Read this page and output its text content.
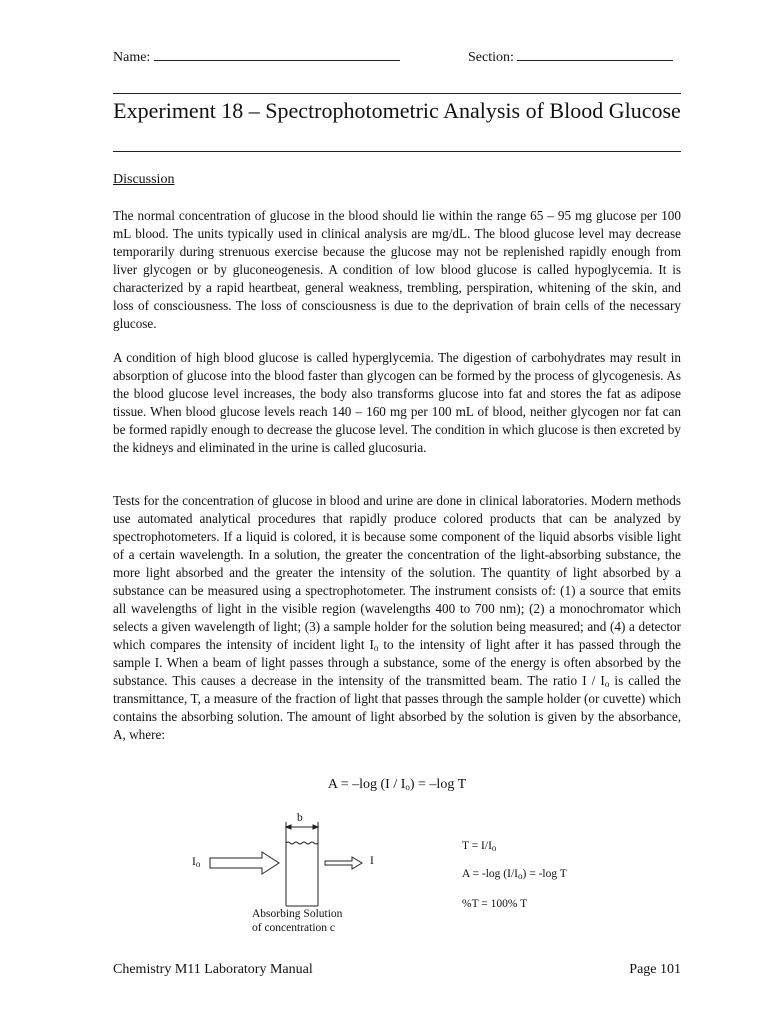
Name:	Section:
Experiment 18 – Spectrophotometric Analysis of Blood Glucose
Discussion

The normal concentration of glucose in the blood should lie within the range 65 – 95 mg glucose per 100 mL blood. The units typically used in clinical analysis are mg/dL. The blood glucose level may decrease temporarily during strenuous exercise because the glucose may not be replenished rapidly enough from liver glycogen or by gluconeogenesis. A condition of low blood glucose is called hypoglycemia. It is characterized by a rapid heartbeat, general weakness, trembling, perspiration, whitening of the skin, and loss of consciousness. The loss of consciousness is due to the deprivation of brain cells of the necessary glucose.

A condition of high blood glucose is called hyperglycemia. The digestion of carbohydrates may result in absorption of glucose into the blood faster than glycogen can be formed by the process of glycogenesis. As the blood glucose level increases, the body also transforms glucose into fat and stores the fat as adipose tissue. When blood glucose levels reach 140 – 160 mg per 100 mL of blood, neither glycogen nor fat can be formed rapidly enough to decrease the glucose level. The condition in which glucose is then excreted by the kidneys and eliminated in the urine is called glucosuria.

Tests for the concentration of glucose in blood and urine are done in clinical laboratories. Modern methods use automated analytical procedures that rapidly produce colored products that can be analyzed by spectrophotometers. If a liquid is colored, it is because some component of the liquid absorbs visible light of a certain wavelength. In a solution, the greater the concentration of the light-absorbing substance, the more light absorbed and the greater the intensity of the solution. The quantity of light absorbed by a substance can be measured using a spectrophotometer. The instrument consists of: (1) a source that emits all wavelengths of light in the visible region (wavelengths 400 to 700 nm); (2) a monochromator which selects a given wavelength of light; (3) a sample holder for the solution being measured; and (4) a detector which compares the intensity of incident light $I_o$ to the intensity of light after it has passed through the sample I. When a beam of light passes through a substance, some of the energy is often absorbed by the substance. This causes a decrease in the intensity of the transmitted beam. The ratio I / $I_o$ is called the transmittance, T, a measure of the fraction of light that passes through the sample holder (or cuvette) which contains the absorbing solution. The amount of light absorbed by the solution is given by the absorbance, A, where:

A = –log $(I / I_o) = -\log$ T
b
$I_o$	I
Absorbing Solution
of concentration c
$T = I/I_o$
A = -log $(I/I_o) = -\log$ T
%T = 100% T
Chemistry M11 Laboratory Manual	Page 101
